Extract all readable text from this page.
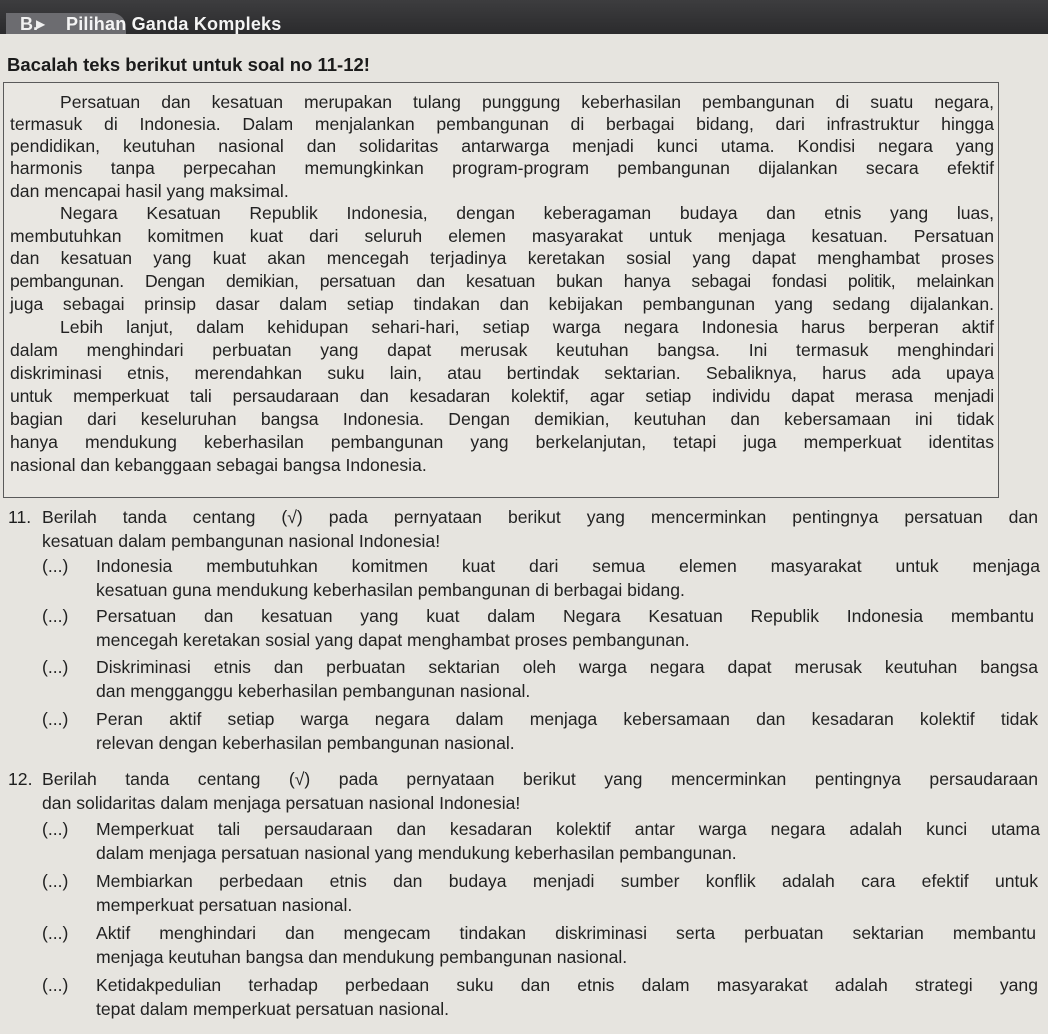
B.
▶ Pilihan Ganda Kompleks
Bacalah teks berikut untuk soal no 11-12!
Persatuan dan kesatuan merupakan tulang punggung keberhasilan pembangunan di suatu negara,
termasuk di Indonesia. Dalam menjalankan pembangunan di berbagai bidang, dari infrastruktur hingga
pendidikan, keutuhan nasional dan solidaritas antarwarga menjadi kunci utama. Kondisi negara yang
harmonis tanpa perpecahan memungkinkan program-program pembangunan dijalankan secara efektif
dan mencapai hasil yang maksimal.
Negara Kesatuan Republik Indonesia, dengan keberagaman budaya dan etnis yang luas,
membutuhkan komitmen kuat dari seluruh elemen masyarakat untuk menjaga kesatuan. Persatuan
dan kesatuan yang kuat akan mencegah terjadinya keretakan sosial yang dapat menghambat proses
pembangunan. Dengan demikian, persatuan dan kesatuan bukan hanya sebagai fondasi politik, melainkan
juga sebagai prinsip dasar dalam setiap tindakan dan kebijakan pembangunan yang sedang dijalankan.
Lebih lanjut, dalam kehidupan sehari-hari, setiap warga negara Indonesia harus berperan aktif
dalam menghindari perbuatan yang dapat merusak keutuhan bangsa. Ini termasuk menghindari
diskriminasi etnis, merendahkan suku lain, atau bertindak sektarian. Sebaliknya, harus ada upaya
untuk memperkuat tali persaudaraan dan kesadaran kolektif, agar setiap individu dapat merasa menjadi
bagian dari keseluruhan bangsa Indonesia. Dengan demikian, keutuhan dan kebersamaan ini tidak
hanya mendukung keberhasilan pembangunan yang berkelanjutan, tetapi juga memperkuat identitas
nasional dan kebanggaan sebagai bangsa Indonesia.
11. Berilah tanda centang (√) pada pernyataan berikut yang mencerminkan pentingnya persatuan dan
kesatuan dalam pembangunan nasional Indonesia!
(...) Indonesia membutuhkan komitmen kuat dari semua elemen masyarakat untuk menjaga
kesatuan guna mendukung keberhasilan pembangunan di berbagai bidang.
(...) Persatuan dan kesatuan yang kuat dalam Negara Kesatuan Republik Indonesia membantu
mencegah keretakan sosial yang dapat menghambat proses pembangunan.
(...) Diskriminasi etnis dan perbuatan sektarian oleh warga negara dapat merusak keutuhan bangsa
dan mengganggu keberhasilan pembangunan nasional.
(...) Peran aktif setiap warga negara dalam menjaga kebersamaan dan kesadaran kolektif tidak
relevan dengan keberhasilan pembangunan nasional.
12. Berilah tanda centang (√) pada pernyataan berikut yang mencerminkan pentingnya persaudaraan
dan solidaritas dalam menjaga persatuan nasional Indonesia!
(...) Memperkuat tali persaudaraan dan kesadaran kolektif antar warga negara adalah kunci utama
dalam menjaga persatuan nasional yang mendukung keberhasilan pembangunan.
(...) Membiarkan perbedaan etnis dan budaya menjadi sumber konflik adalah cara efektif untuk
memperkuat persatuan nasional.
(...) Aktif menghindari dan mengecam tindakan diskriminasi serta perbuatan sektarian membantu
menjaga keutuhan bangsa dan mendukung pembangunan nasional.
(...) Ketidakpedulian terhadap perbedaan suku dan etnis dalam masyarakat adalah strategi yang
tepat dalam memperkuat persatuan nasional.
